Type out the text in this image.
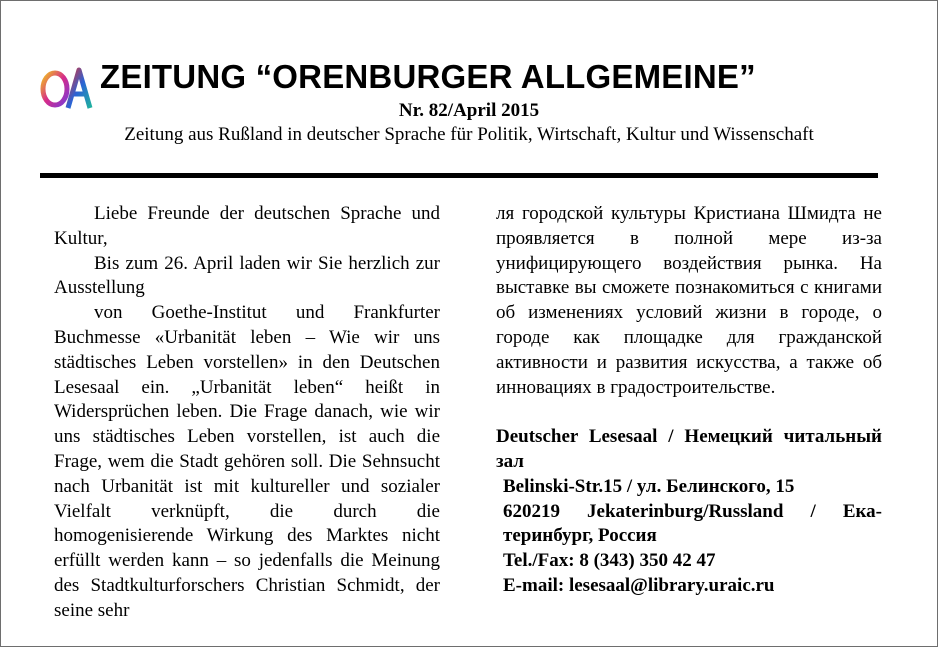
ZEITUNG “ORENBURGER ALLGEMEINE”
Nr. 82/April 2015
Zeitung aus Rußland in deutscher Sprache für Politik, Wirtschaft, Kultur und Wissenschaft

Liebe Freunde der deutschen Sprache und Kultur,

Bis zum 26. April laden wir Sie herzlich zur Ausstellung

von Goethe-Institut und Frankfurter Buchmesse «Urbanität leben – Wie wir uns städtisches Leben vorstellen» in den Deutschen Lesesaal ein. „Urbanität leben“ heißt in Widersprüchen leben. Die Frage danach, wie wir uns städtisches Leben vorstellen, ist auch die Frage, wem die Stadt gehören soll. Die Sehnsucht nach Urbanität ist mit kultureller und sozialer Vielfalt verknüpft, die durch die homogenisierende Wirkung des Marktes nicht erfüllt werden kann – so jedenfalls die Meinung des Stadtkulturforschers Christian Schmidt, der seine sehr

ля городской культуры Кристиана Шмидта не проявляется в полной мере из-за унифицирующего воздействия рынка. На выставке вы сможете познакомиться с книгами об изменениях условий жизни в городе, о городе как площадке для гражданской активности и развития искусства, а также об инновациях в градостроительстве.

Deutscher Lesesaal / Немецкий читальный зал
Belinski-Str.15 / ул. Белинского, 15
620219 Jekaterinburg/Russland / Екатеринбург, Россия
Tel./Fax: 8 (343) 350 42 47
E-mail: lesesaal@library.uraic.ru
